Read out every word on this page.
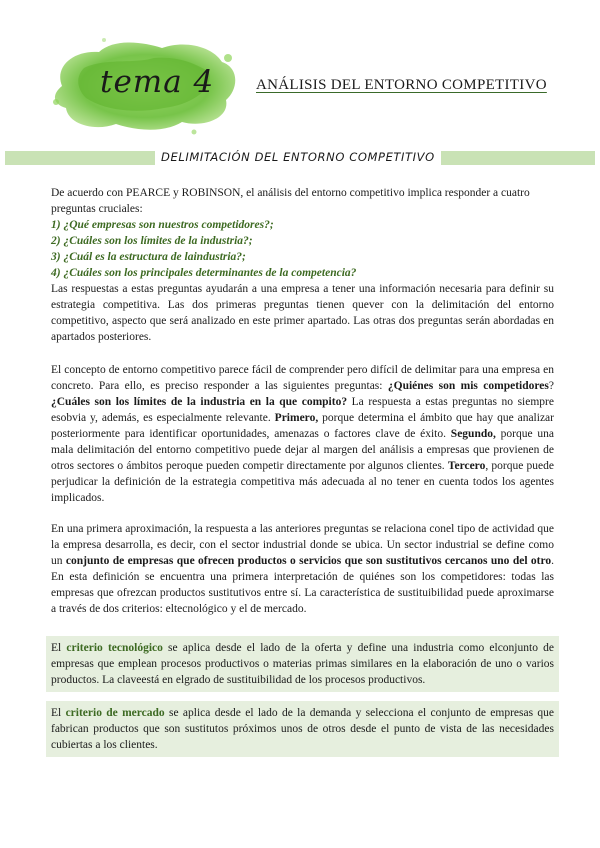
tema 4	ANÁLISIS DEL ENTORNO COMPETITIVO
DELIMITACIÓN DEL ENTORNO COMPETITIVO
De acuerdo con PEARCE y ROBINSON, el análisis del entorno competitivo implica responder a cuatro preguntas cruciales:
1) ¿Qué empresas son nuestros competidores?;
2) ¿Cuáles son los límites de la industria?;
3) ¿Cuál es la estructura de laindustria?;
4) ¿Cuáles son los principales determinantes de la competencia?
Las respuestas a estas preguntas ayudarán a una empresa a tener una información necesaria para definir su estrategia competitiva. Las dos primeras preguntas tienen quever con la delimitación del entorno competitivo, aspecto que será analizado en este primer apartado. Las otras dos preguntas serán abordadas en apartados posteriores.
El concepto de entorno competitivo parece fácil de comprender pero difícil de delimitar para una empresa en concreto. Para ello, es preciso responder a las siguientes preguntas: ¿Quiénes son mis competidores? ¿Cuáles son los límites de la industria en la que compito? La respuesta a estas preguntas no siempre esobvia y, además, es especialmente relevante. Primero, porque determina el ámbito que hay que analizar posteriormente para identificar oportunidades, amenazas o factores clave de éxito. Segundo, porque una mala delimitación del entorno competitivo puede dejar al margen del análisis a empresas que provienen de otros sectores o ámbitos peroque pueden competir directamente por algunos clientes. Tercero, porque puede perjudicar la definición de la estrategia competitiva más adecuada al no tener en cuenta todos los agentes implicados.
En una primera aproximación, la respuesta a las anteriores preguntas se relaciona conel tipo de actividad que la empresa desarrolla, es decir, con el sector industrial donde se ubica. Un sector industrial se define como un conjunto de empresas que ofrecen productos o servicios que son sustitutivos cercanos uno del otro. En esta definición se encuentra una primera interpretación de quiénes son los competidores: todas las empresas que ofrezcan productos sustitutivos entre sí. La característica de sustituibilidad puede aproximarse a través de dos criterios: eltecnológico y el de mercado.
El criterio tecnológico se aplica desde el lado de la oferta y define una industria como elconjunto de empresas que emplean procesos productivos o materias primas similares en la elaboración de uno o varios productos. La claveestá en elgrado de sustituibilidad de los procesos productivos.
El criterio de mercado se aplica desde el lado de la demanda y selecciona el conjunto de empresas que fabrican productos que son sustitutos próximos unos de otros desde el punto de vista de las necesidades cubiertas a los clientes.
